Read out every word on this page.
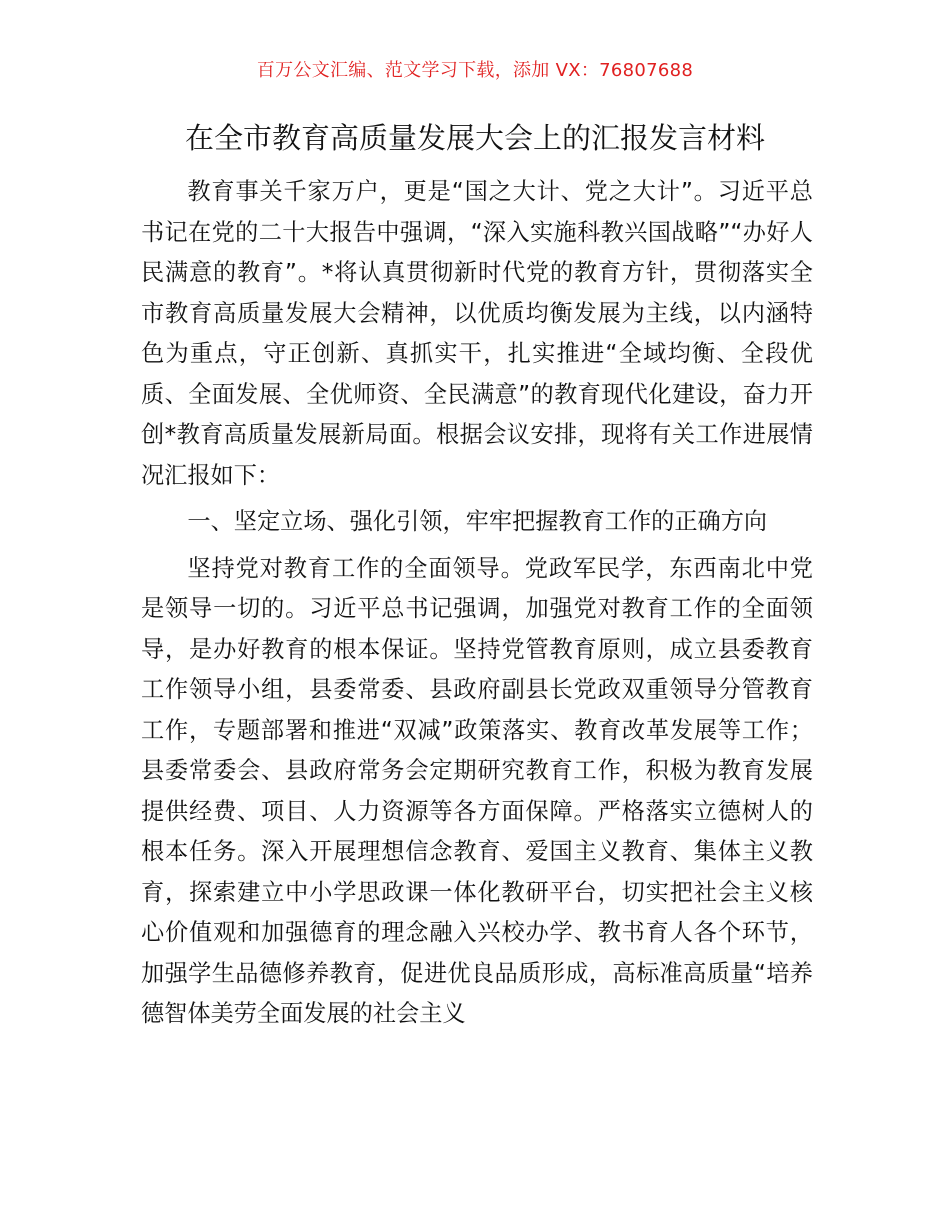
百万公文汇编、范文学习下载，添加 VX：76807688
在全市教育高质量发展大会上的汇报发言材料

教育事关千家万户，更是“国之大计、党之大计”。习近平总书记在党的二十大报告中强调，“深入实施科教兴国战略”“办好人民满意的教育”。*将认真贯彻新时代党的教育方针，贯彻落实全市教育高质量发展大会精神，以优质均衡发展为主线，以内涵特色为重点，守正创新、真抓实干，扎实推进“全域均衡、全段优质、全面发展、全优师资、全民满意”的教育现代化建设，奋力开创*教育高质量发展新局面。根据会议安排，现将有关工作进展情况汇报如下：

一、坚定立场、强化引领，牢牢把握教育工作的正确方向

坚持党对教育工作的全面领导。党政军民学，东西南北中党是领导一切的。习近平总书记强调，加强党对教育工作的全面领导，是办好教育的根本保证。坚持党管教育原则，成立县委教育工作领导小组，县委常委、县政府副县长党政双重领导分管教育工作，专题部署和推进“双减”政策落实、教育改革发展等工作；县委常委会、县政府常务会定期研究教育工作，积极为教育发展提供经费、项目、人力资源等各方面保障。严格落实立德树人的根本任务。深入开展理想信念教育、爱国主义教育、集体主义教育，探索建立中小学思政课一体化教研平台，切实把社会主义核心价值观和加强德育的理念融入兴校办学、教书育人各个环节，加强学生品德修养教育，促进优良品质形成，高标准高质量“培养德智体美劳全面发展的社会主义
